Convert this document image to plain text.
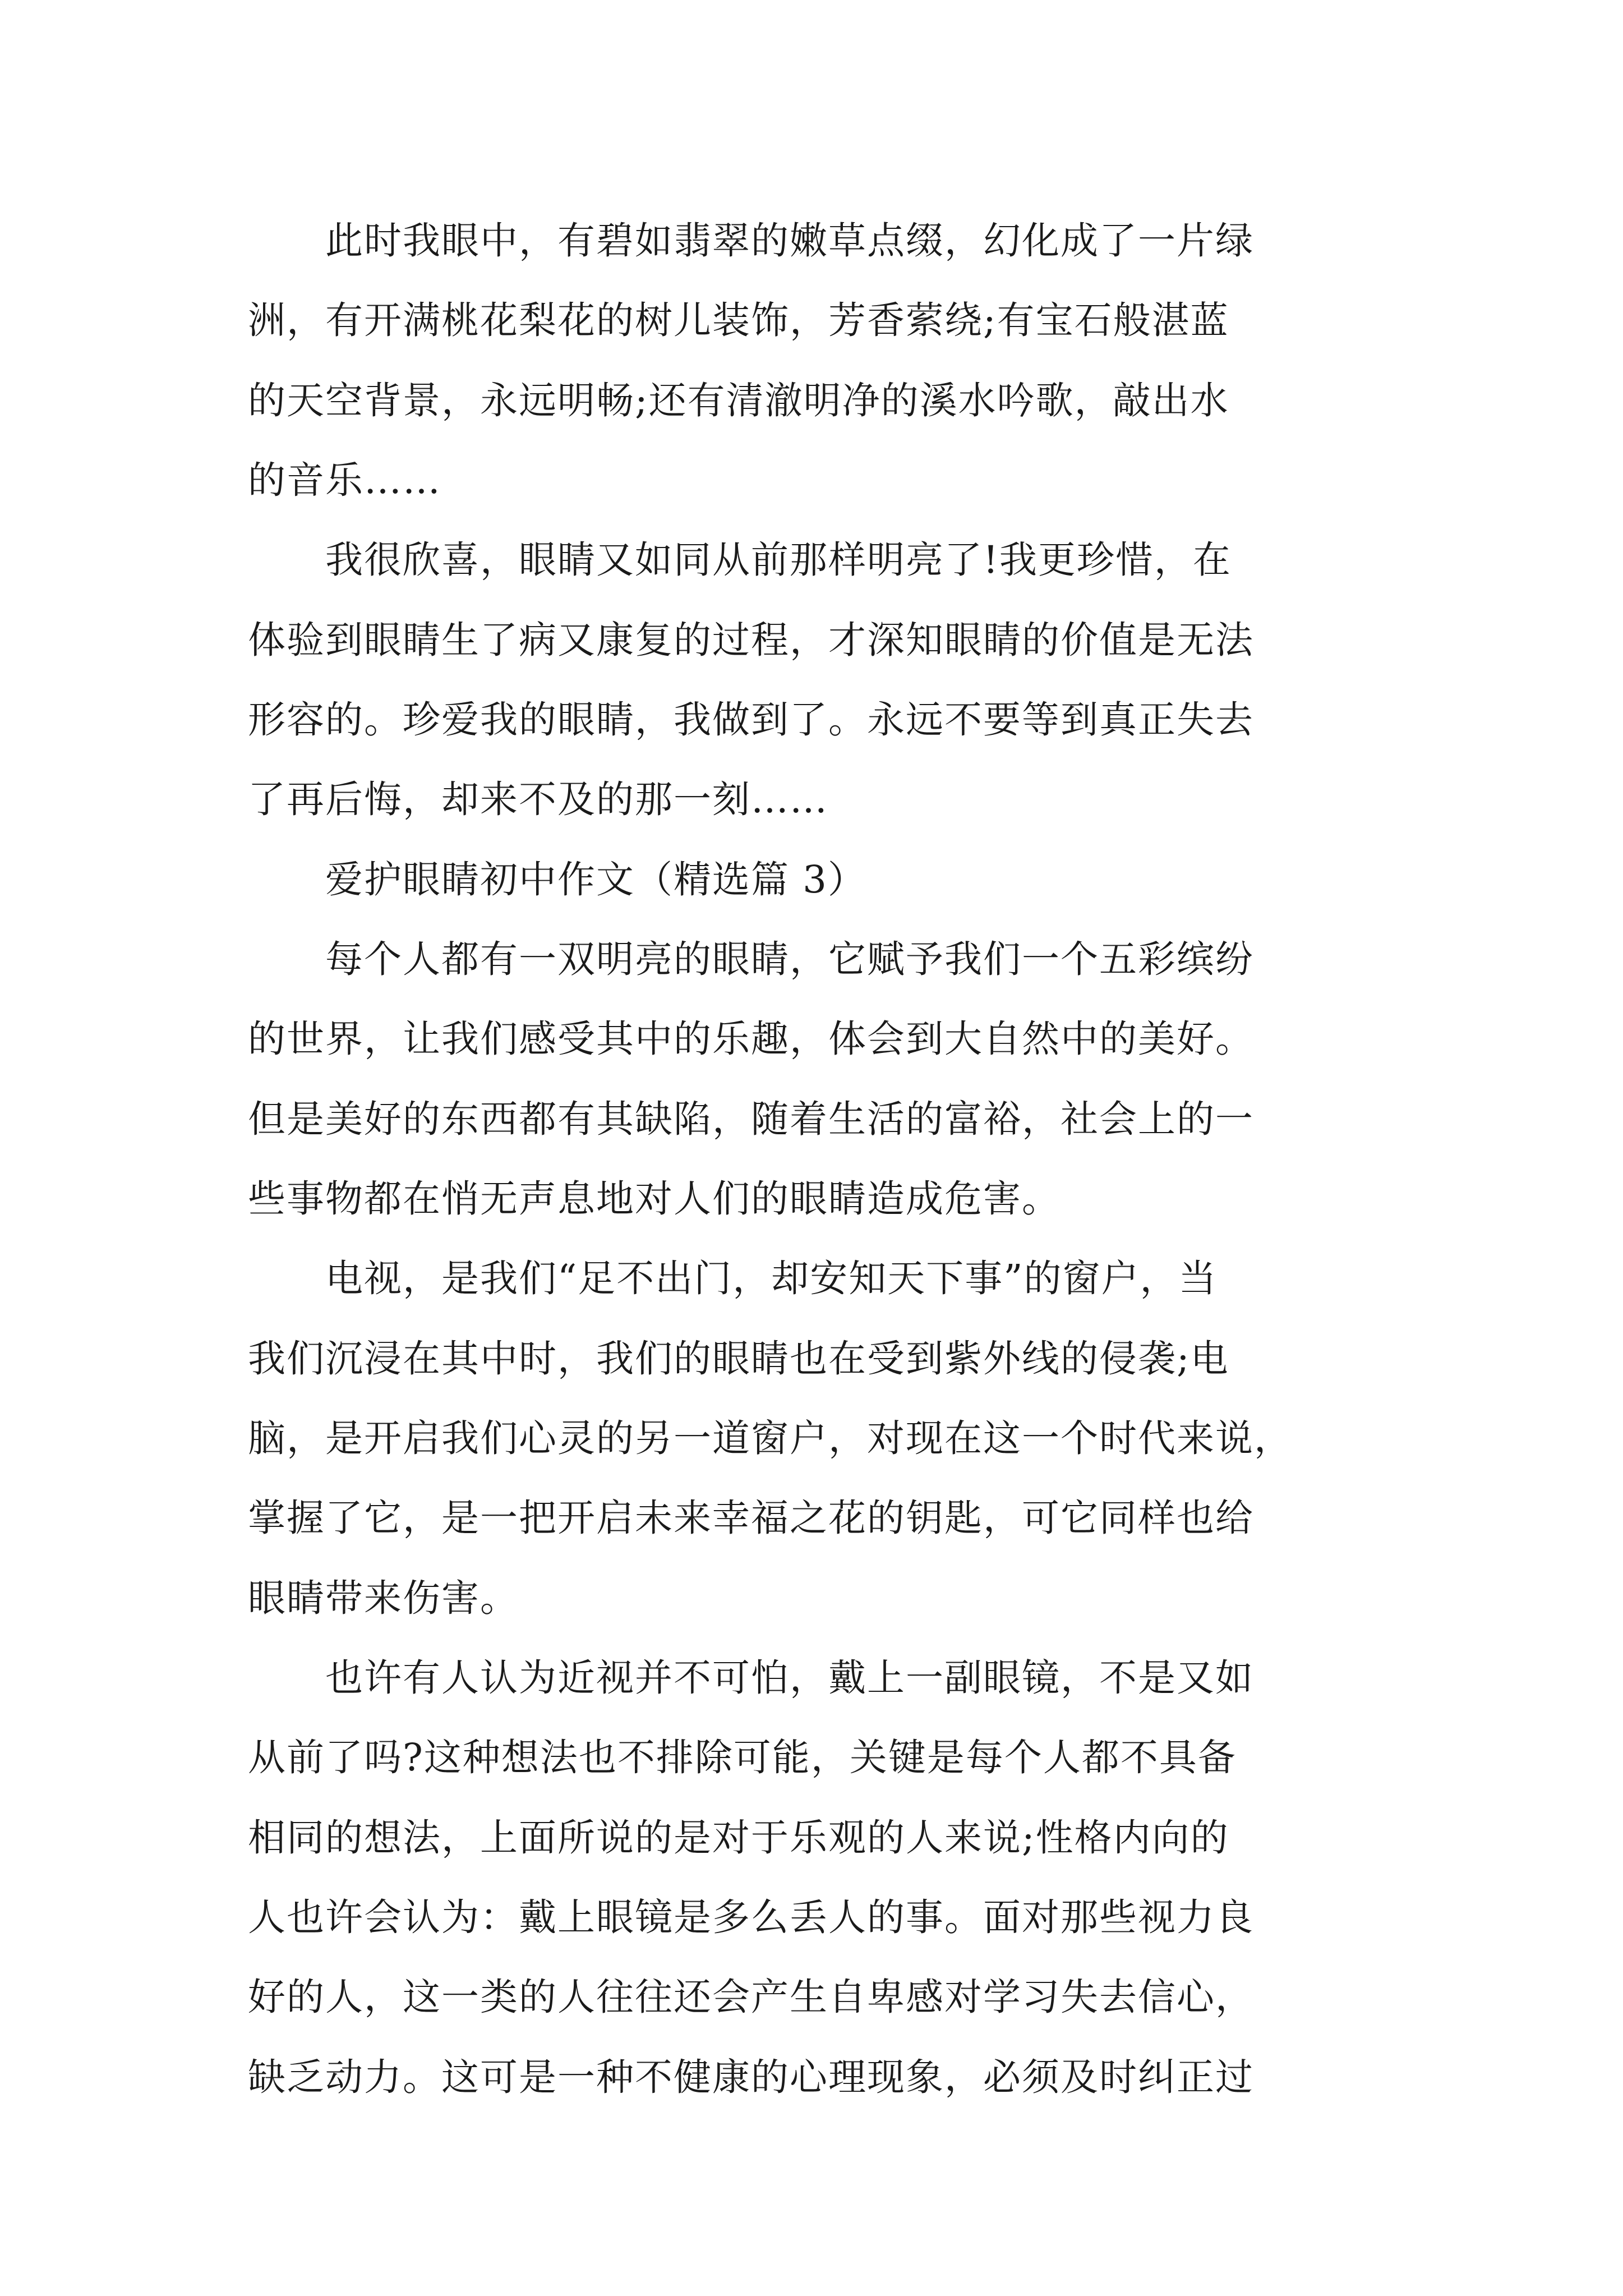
　　此时我眼中，有碧如翡翠的嫩草点缀，幻化成了一片绿
洲，有开满桃花梨花的树儿装饰，芳香萦绕;有宝石般湛蓝
的天空背景，永远明畅;还有清澈明净的溪水吟歌，敲出水
的音乐……
　　我很欣喜，眼睛又如同从前那样明亮了!我更珍惜，在
体验到眼睛生了病又康复的过程，才深知眼睛的价值是无法
形容的。珍爱我的眼睛，我做到了。永远不要等到真正失去
了再后悔，却来不及的那一刻……
　　爱护眼睛初中作文（精选篇 3）
　　每个人都有一双明亮的眼睛，它赋予我们一个五彩缤纷
的世界，让我们感受其中的乐趣，体会到大自然中的美好。
但是美好的东西都有其缺陷，随着生活的富裕，社会上的一
些事物都在悄无声息地对人们的眼睛造成危害。
　　电视，是我们“足不出门，却安知天下事”的窗户，当
我们沉浸在其中时，我们的眼睛也在受到紫外线的侵袭;电
脑，是开启我们心灵的另一道窗户，对现在这一个时代来说，
掌握了它，是一把开启未来幸福之花的钥匙，可它同样也给
眼睛带来伤害。
　　也许有人认为近视并不可怕，戴上一副眼镜，不是又如
从前了吗?这种想法也不排除可能，关键是每个人都不具备
相同的想法，上面所说的是对于乐观的人来说;性格内向的
人也许会认为：戴上眼镜是多么丢人的事。面对那些视力良
好的人，这一类的人往往还会产生自卑感对学习失去信心，
缺乏动力。这可是一种不健康的心理现象，必须及时纠正过
